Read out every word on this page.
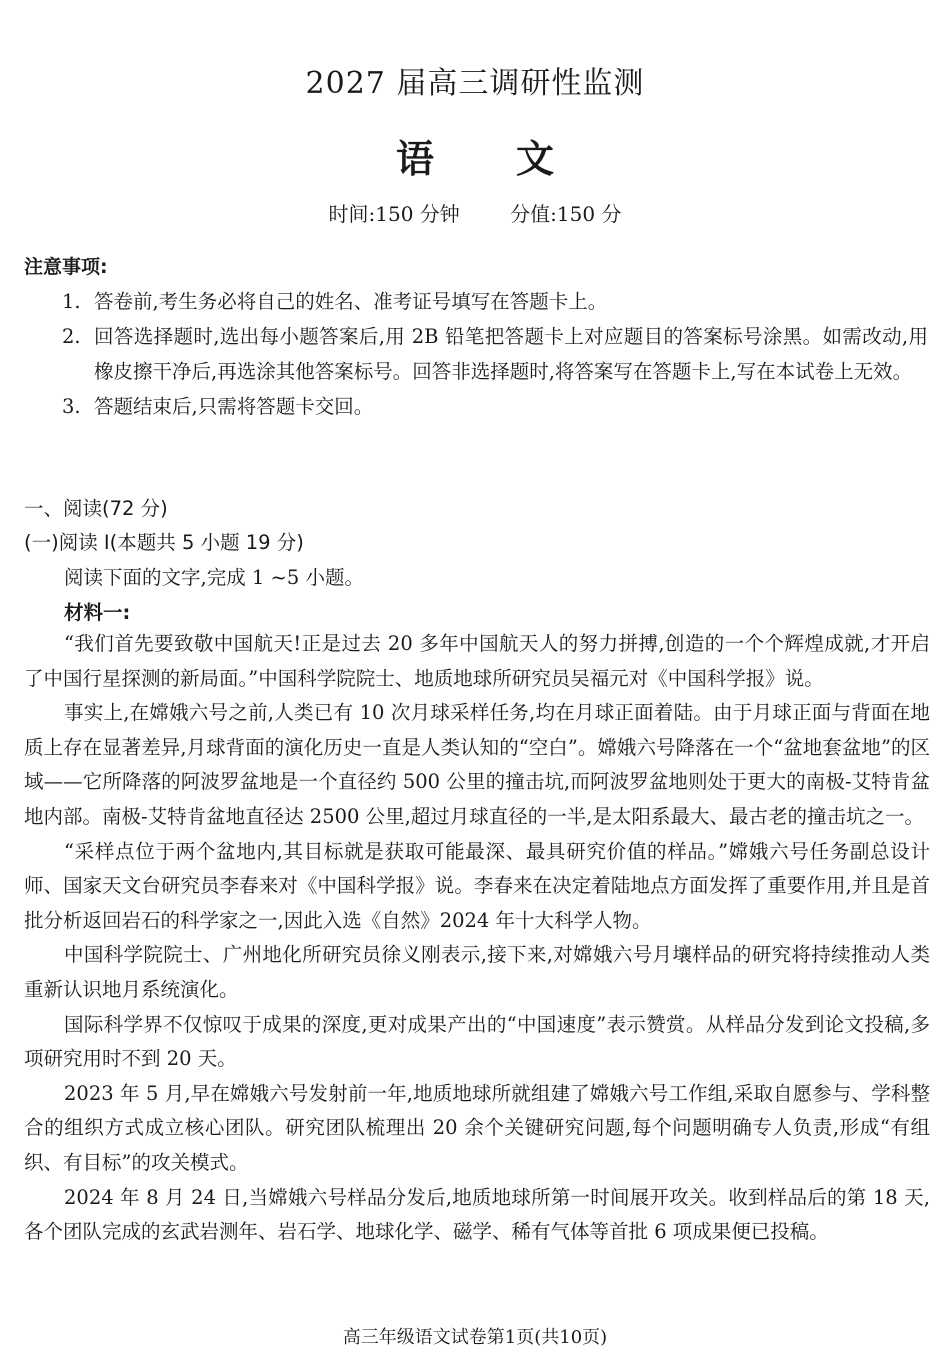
2027 届高三调研性监测
语文
时间:150 分钟	分值:150 分
注意事项:
1. 答卷前,考生务必将自己的姓名、准考证号填写在答题卡上。
2. 回答选择题时,选出每小题答案后,用 2B 铅笔把答题卡上对应题目的答案标号涂黑。如需改动,用橡皮擦干净后,再选涂其他答案标号。回答非选择题时,将答案写在答题卡上,写在本试卷上无效。
3. 答题结束后,只需将答题卡交回。
一、阅读(72 分)
(一)阅读 I(本题共 5 小题 19 分)
阅读下面的文字,完成 1 ~5 小题。
材料一:

“我们首先要致敬中国航天!正是过去 20 多年中国航天人的努力拼搏,创造的一个个辉煌成就,才开启了中国行星探测的新局面。”中国科学院院士、地质地球所研究员吴福元对《中国科学报》说。

事实上,在嫦娥六号之前,人类已有 10 次月球采样任务,均在月球正面着陆。由于月球正面与背面在地质上存在显著差异,月球背面的演化历史一直是人类认知的“空白”。嫦娥六号降落在一个“盆地套盆地”的区域——它所降落的阿波罗盆地是一个直径约 500 公里的撞击坑,而阿波罗盆地则处于更大的南极-艾特肯盆地内部。南极-艾特肯盆地直径达 2500 公里,超过月球直径的一半,是太阳系最大、最古老的撞击坑之一。

“采样点位于两个盆地内,其目标就是获取可能最深、最具研究价值的样品。”嫦娥六号任务副总设计师、国家天文台研究员李春来对《中国科学报》说。李春来在决定着陆地点方面发挥了重要作用,并且是首批分析返回岩石的科学家之一,因此入选《自然》2024 年十大科学人物。

中国科学院院士、广州地化所研究员徐义刚表示,接下来,对嫦娥六号月壤样品的研究将持续推动人类重新认识地月系统演化。

国际科学界不仅惊叹于成果的深度,更对成果产出的“中国速度”表示赞赏。从样品分发到论文投稿,多项研究用时不到 20 天。

2023 年 5 月,早在嫦娥六号发射前一年,地质地球所就组建了嫦娥六号工作组,采取自愿参与、学科整合的组织方式成立核心团队。研究团队梳理出 20 余个关键研究问题,每个问题明确专人负责,形成“有组织、有目标”的攻关模式。

2024 年 8 月 24 日,当嫦娥六号样品分发后,地质地球所第一时间展开攻关。收到样品后的第 18 天,各个团队完成的玄武岩测年、岩石学、地球化学、磁学、稀有气体等首批 6 项成果便已投稿。

高三年级语文试卷第1页(共10页)
